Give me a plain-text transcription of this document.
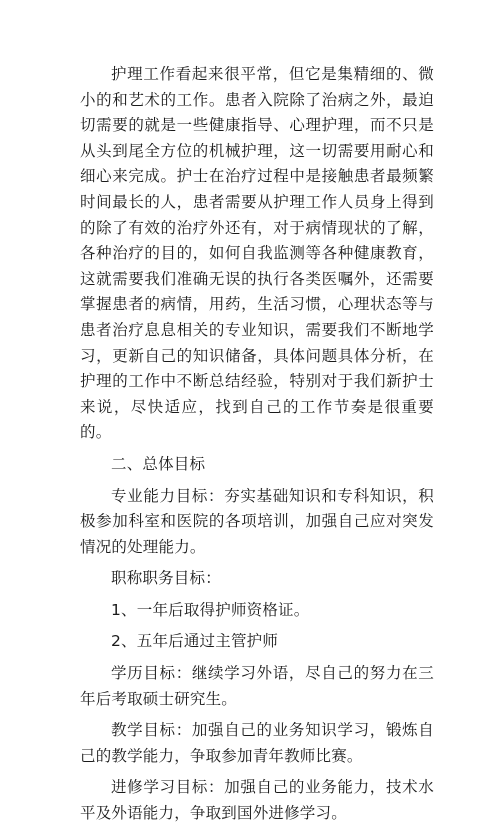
护理工作看起来很平常，但它是集精细的、微小的和艺术的工作。患者入院除了治病之外，最迫切需要的就是一些健康指导、心理护理，而不只是从头到尾全方位的机械护理，这一切需要用耐心和细心来完成。护士在治疗过程中是接触患者最频繁时间最长的人，患者需要从护理工作人员身上得到的除了有效的治疗外还有，对于病情现状的了解，各种治疗的目的，如何自我监测等各种健康教育，这就需要我们准确无误的执行各类医嘱外，还需要掌握患者的病情，用药，生活习惯，心理状态等与患者治疗息息相关的专业知识，需要我们不断地学习，更新自己的知识储备，具体问题具体分析，在护理的工作中不断总结经验，特别对于我们新护士来说，尽快适应，找到自己的工作节奏是很重要的。

二、总体目标

专业能力目标：夯实基础知识和专科知识，积极参加科室和医院的各项培训，加强自己应对突发情况的处理能力。

职称职务目标：

1、一年后取得护师资格证。

2、五年后通过主管护师

学历目标：继续学习外语，尽自己的努力在三年后考取硕士研究生。

教学目标：加强自己的业务知识学习，锻炼自己的教学能力，争取参加青年教师比赛。

进修学习目标：加强自己的业务能力，技术水平及外语能力，争取到国外进修学习。
